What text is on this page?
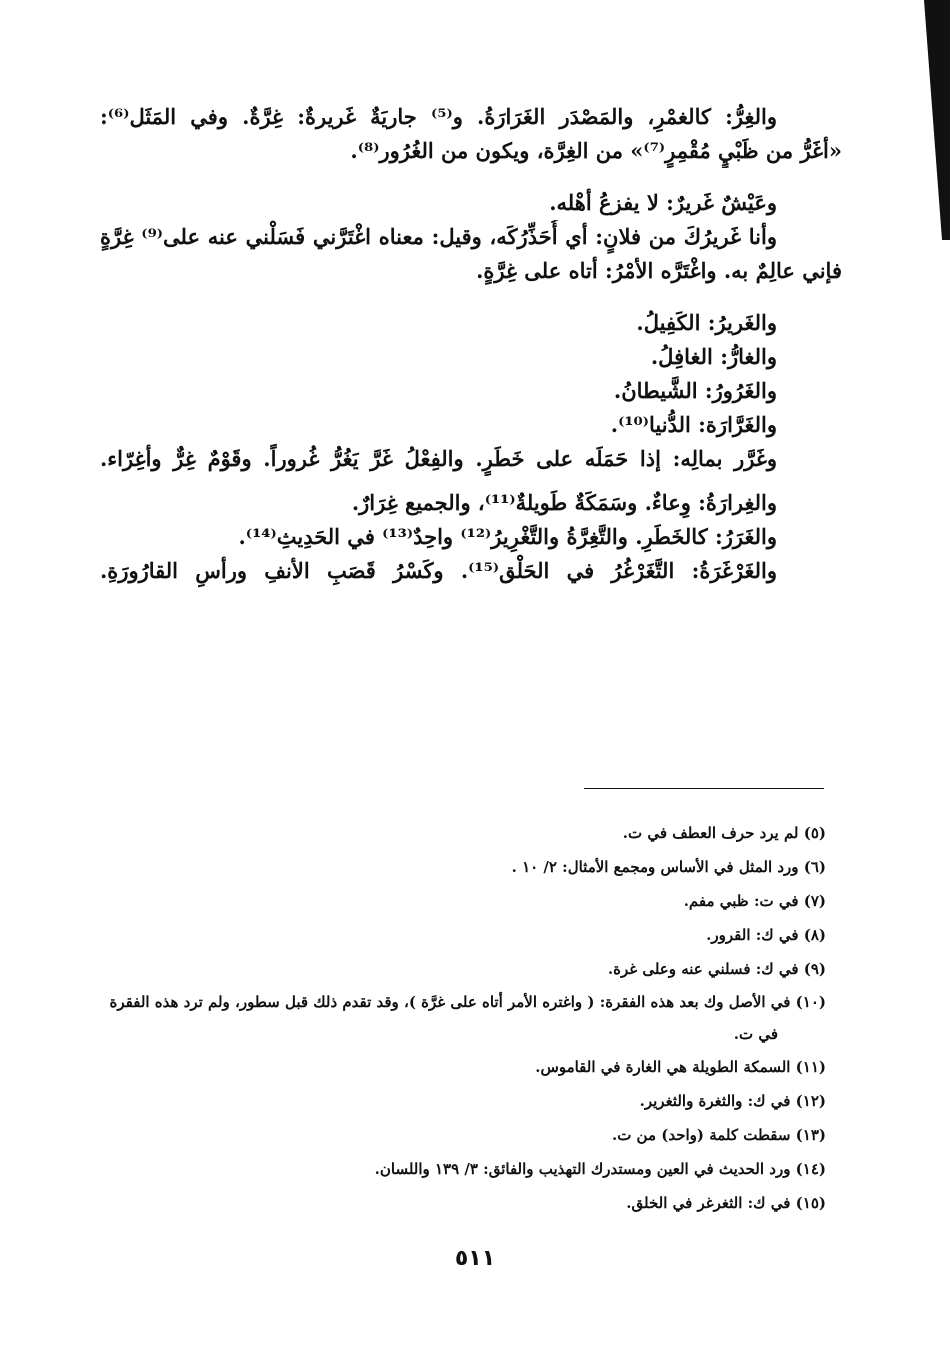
والغِرُّ: كالغمْرِ، والمَصْدَر الغَرَارَةُ. و⁽⁵⁾ جاريَةٌ غَريرةٌ: غِرَّةٌ. وفي المَثَل⁽⁶⁾:

«أغَرُّ من ظَبْيٍ مُقْمِرٍ⁽⁷⁾» من الغِرَّة، ويكون من الغُرُور⁽⁸⁾.

وعَيْشٌ غَريرٌ: لا يفزعُ أهْله.

وأنا غَريرُكَ من فلانٍ: أي أُحَذِّرُكَه، وقيل: معناه اغْتَرَّني فَسَلْني عنه على⁽⁹⁾ غِرَّةٍ

فإني عالِمٌ به. واغْتَرَّه الأمْرُ: أتاه على غِرَّةٍ.

والغَريرُ: الكَفِيلُ.

والغارُّ: الغافِلُ.

والغَرُورُ: الشَّيطانُ.

والغَرَّارَة: الدُّنيا⁽¹⁰⁾.

وغَرَّر بمالِه: إذا حَمَلَه على خَطَرٍ. والفِعْلُ غَرَّ يَغُرُّ غُروراً. وقَوْمٌ غِرٌّ وأغِرّاء.

والغِرارَةُ: وِعاءٌ. وسَمَكَةٌ طَويلةٌ⁽¹¹⁾، والجميع غِرَارٌ.

والغَرَرُ: كالخَطَرِ. والتَّغِرَّةُ والتَّغْرِيرُ⁽¹²⁾ واحِدٌ⁽¹³⁾ في الحَدِيثِ⁽¹⁴⁾.

والغَرْغَرَةُ: التَّغَرْغُرُ في الحَلْق⁽¹⁵⁾. وكَسْرُ قَصَبِ الأنفِ ورأسِ القارُورَةِ.

(٥) لم يرد حرف العطف في ت.

(٦) ورد المثل في الأساس ومجمع الأمثال: ٢/ ١٠ .

(٧) في ت: ظبي مفم.

(٨) في ك: القرور.

(٩) في ك: فسلني عنه وعلى غرة.

(١٠) في الأصل وك بعد هذه الفقرة: ( واغتره الأمر أتاه على غرَّة )، وقد تقدم ذلك قبل سطور، ولم ترد هذه الفقرة في ت.

(١١) السمكة الطويلة هي الغارة في القاموس.

(١٢) في ك: والثغرة والثغرير.

(١٣) سقطت كلمة (واحد) من ت.

(١٤) ورد الحديث في العين ومستدرك التهذيب والفائق: ٣/ ١٣٩ واللسان.

(١٥) في ك: الثغرغر في الخلق.

٥١١
